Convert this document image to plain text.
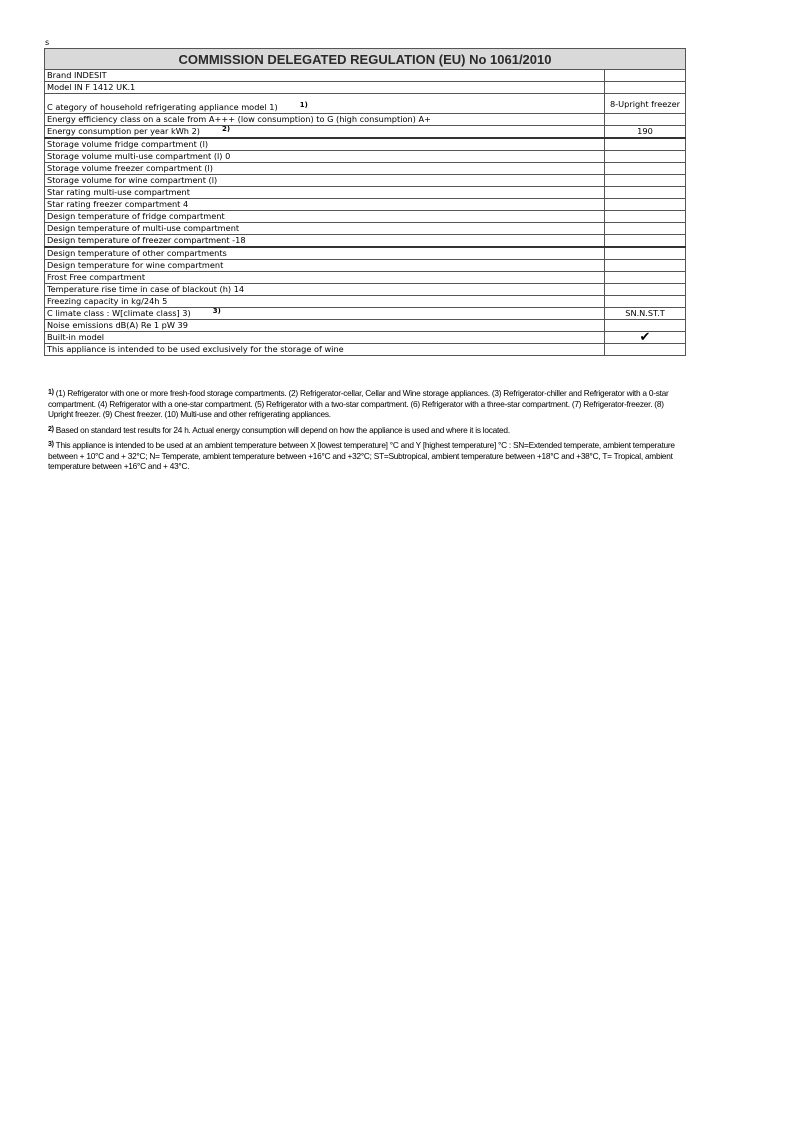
s
COMMISSION DELEGATED REGULATION (EU) No 1061/2010	
Brand INDESIT	
Model IN F 1412 UK.1	
C ategory of household refrigerating appliance model 1) 1)	8-Upright freezer
Energy efficiency class on a scale from A+++ (low consumption) to G (high consumption) A+	
Energy consumption per year kWh 2) 2)	190
Storage volume fridge compartment (l)	
Storage volume multi-use compartment (l) 0	
Storage volume freezer compartment (l)	
Storage volume for wine compartment (l)	
Star rating multi-use compartment	
Star rating freezer compartment 4	
Design temperature of fridge compartment	
Design temperature of multi-use compartment	
Design temperature of freezer compartment -18	
Design temperature of other compartments	
Design temperature for wine compartment	
Frost Free compartment	
Temperature rise time in case of blackout (h) 14	
Freezing capacity in kg/24h 5	
C limate class : W[climate class] 3) 3)	SN.N.ST.T
Noise emissions dB(A) Re 1 pW 39	
Built-in model	✔
This appliance is intended to be used exclusively for the storage of wine	

$^{1)}$ (1) Refrigerator with one or more fresh-food storage compartments. (2) Refrigerator-cellar, Cellar and Wine storage appliances. (3) Refrigerator-chiller and Refrigerator with a 0-star compartment. (4) Refrigerator with a one-star compartment. (5) Refrigerator with a two-star compartment. (6) Refrigerator with a three-star compartment. (7) Refrigerator-freezer. (8) Upright freezer. (9) Chest freezer. (10) Multi-use and other refrigerating appliances.

$^{2)}$ Based on standard test results for 24 h. Actual energy consumption will depend on how the appliance is used and where it is located.

$^{3)}$ This appliance is intended to be used at an ambient temperature between X [lowest temperature] °C and Y [highest temperature] °C : SN=Extended temperate, ambient temperature between + 10°C and + 32°C; N= Temperate, ambient temperature between +16°C and +32°C; ST=Subtropical, ambient temperature between +18°C and +38°C, T= Tropical, ambient temperature between +16°C and + 43°C.
